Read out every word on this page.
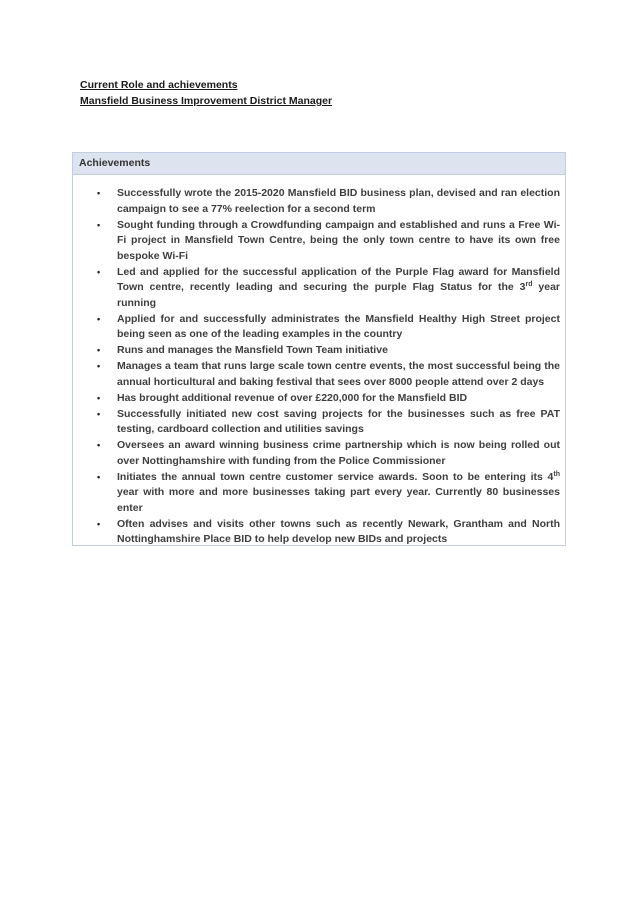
Current Role and achievements
Mansfield Business Improvement District Manager
Achievements
• Successfully wrote the 2015-2020 Mansfield BID business plan, devised and ran election campaign to see a 77% reelection for a second term
• Sought funding through a Crowdfunding campaign and established and runs a Free Wi-Fi project in Mansfield Town Centre, being the only town centre to have its own free bespoke Wi-Fi
• Led and applied for the successful application of the Purple Flag award for Mansfield Town centre, recently leading and securing the purple Flag Status for the 3rd year running
• Applied for and successfully administrates the Mansfield Healthy High Street project being seen as one of the leading examples in the country
• Runs and manages the Mansfield Town Team initiative
• Manages a team that runs large scale town centre events, the most successful being the annual horticultural and baking festival that sees over 8000 people attend over 2 days
• Has brought additional revenue of over £220,000 for the Mansfield BID
• Successfully initiated new cost saving projects for the businesses such as free PAT testing, cardboard collection and utilities savings
• Oversees an award winning business crime partnership which is now being rolled out over Nottinghamshire with funding from the Police Commissioner
• Initiates the annual town centre customer service awards. Soon to be entering its 4th year with more and more businesses taking part every year. Currently 80 businesses enter
• Often advises and visits other towns such as recently Newark, Grantham and North Nottinghamshire Place BID to help develop new BIDs and projects
